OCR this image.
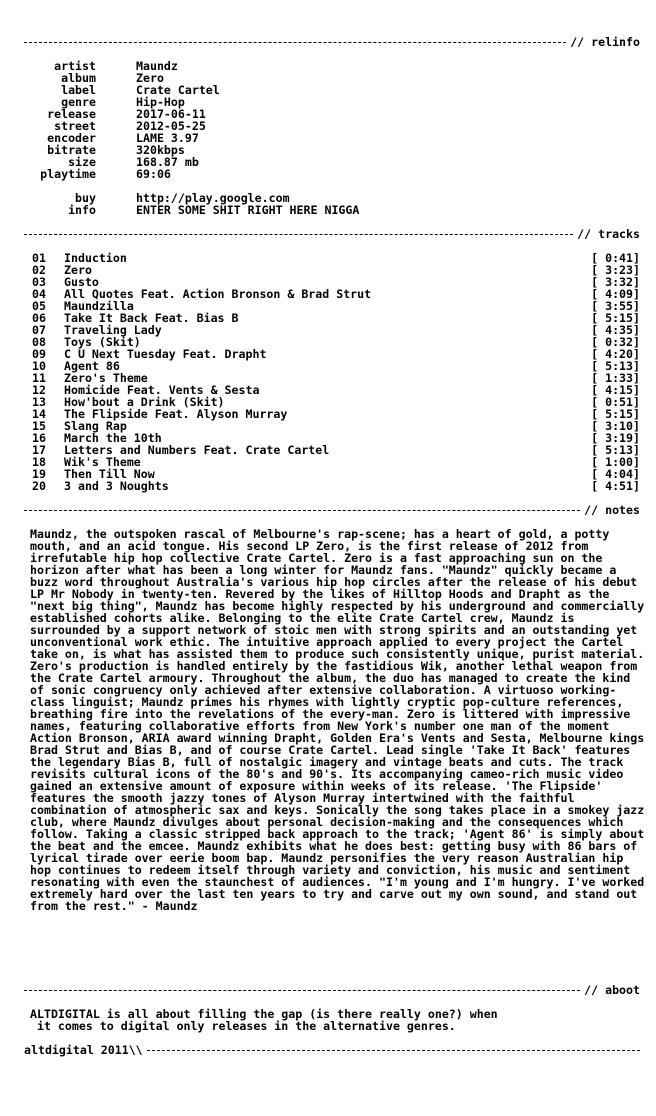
// relinfo
artist	Maundz
album	Zero
label	Crate Cartel
genre	Hip-Hop
release	2017-06-11
street	2012-05-25
encoder	LAME 3.97
bitrate	320kbps
size	168.87 mb
playtime	69:06
buy	http://play.google.com
info	ENTER SOME SHIT RIGHT HERE NIGGA
// tracks
01	Induction	[ 0:41]
02	Zero	[ 3:23]
03	Gusto	[ 3:32]
04	All Quotes Feat. Action Bronson & Brad Strut	[ 4:09]
05	Maundzilla	[ 3:55]
06	Take It Back Feat. Bias B	[ 5:15]
07	Traveling Lady	[ 4:35]
08	Toys (Skit)	[ 0:32]
09	C U Next Tuesday Feat. Drapht	[ 4:20]
10	Agent 86	[ 5:13]
11	Zero's Theme	[ 1:33]
12	Homicide Feat. Vents & Sesta	[ 4:15]
13	How'bout a Drink (Skit)	[ 0:51]
14	The Flipside Feat. Alyson Murray	[ 5:15]
15	Slang Rap	[ 3:10]
16	March the 10th	[ 3:19]
17	Letters and Numbers Feat. Crate Cartel	[ 5:13]
18	Wik's Theme	[ 1:00]
19	Then Till Now	[ 4:04]
20	3 and 3 Noughts	[ 4:51]
// notes
Maundz, the outspoken rascal of Melbourne's rap-scene; has a heart of gold, a potty mouth, and an acid tongue. His second LP Zero, is the first release of 2012 from irrefutable hip hop collective Crate Cartel. Zero is a fast approaching sun on the horizon after what has been a long winter for Maundz fans. "Maundz" quickly became a buzz word throughout Australia's various hip hop circles after the release of his debut LP Mr Nobody in twenty-ten. Revered by the likes of Hilltop Hoods and Drapht as the "next big thing", Maundz has become highly respected by his underground and commercially established cohorts alike. Belonging to the elite Crate Cartel crew, Maundz is surrounded by a support network of stoic men with strong spirits and an outstanding yet unconventional work ethic. The intuitive approach applied to every project the Cartel take on, is what has assisted them to produce such consistently unique, purist material. Zero's production is handled entirely by the fastidious Wik, another lethal weapon from the Crate Cartel armoury. Throughout the album, the duo has managed to create the kind of sonic congruency only achieved after extensive collaboration. A virtuoso working-class linguist; Maundz primes his rhymes with lightly cryptic pop-culture references, breathing fire into the revelations of the every-man. Zero is littered with impressive names, featuring collaborative efforts from New York's number one man of the moment Action Bronson, ARIA award winning Drapht, Golden Era's Vents and Sesta, Melbourne kings Brad Strut and Bias B, and of course Crate Cartel. Lead single 'Take It Back' features the legendary Bias B, full of nostalgic imagery and vintage beats and cuts. The track revisits cultural icons of the 80's and 90's. Its accompanying cameo-rich music video gained an extensive amount of exposure within weeks of its release. 'The Flipside' features the smooth jazzy tones of Alyson Murray intertwined with the faithful combination of atmospheric sax and keys. Sonically the song takes place in a smokey jazz club, where Maundz divulges about personal decision-making and the consequences which follow. Taking a classic stripped back approach to the track; 'Agent 86' is simply about the beat and the emcee. Maundz exhibits what he does best: getting busy with 86 bars of lyrical tirade over eerie boom bap. Maundz personifies the very reason Australian hip hop continues to redeem itself through variety and conviction, his music and sentiment resonating with even the staunchest of audiences. "I'm young and I'm hungry. I've worked extremely hard over the last ten years to try and carve out my own sound, and stand out from the rest." - Maundz
// aboot
ALTDIGITAL is all about filling the gap (is there really one?) when
it comes to digital only releases in the alternative genres.
altdigital 2011\\
